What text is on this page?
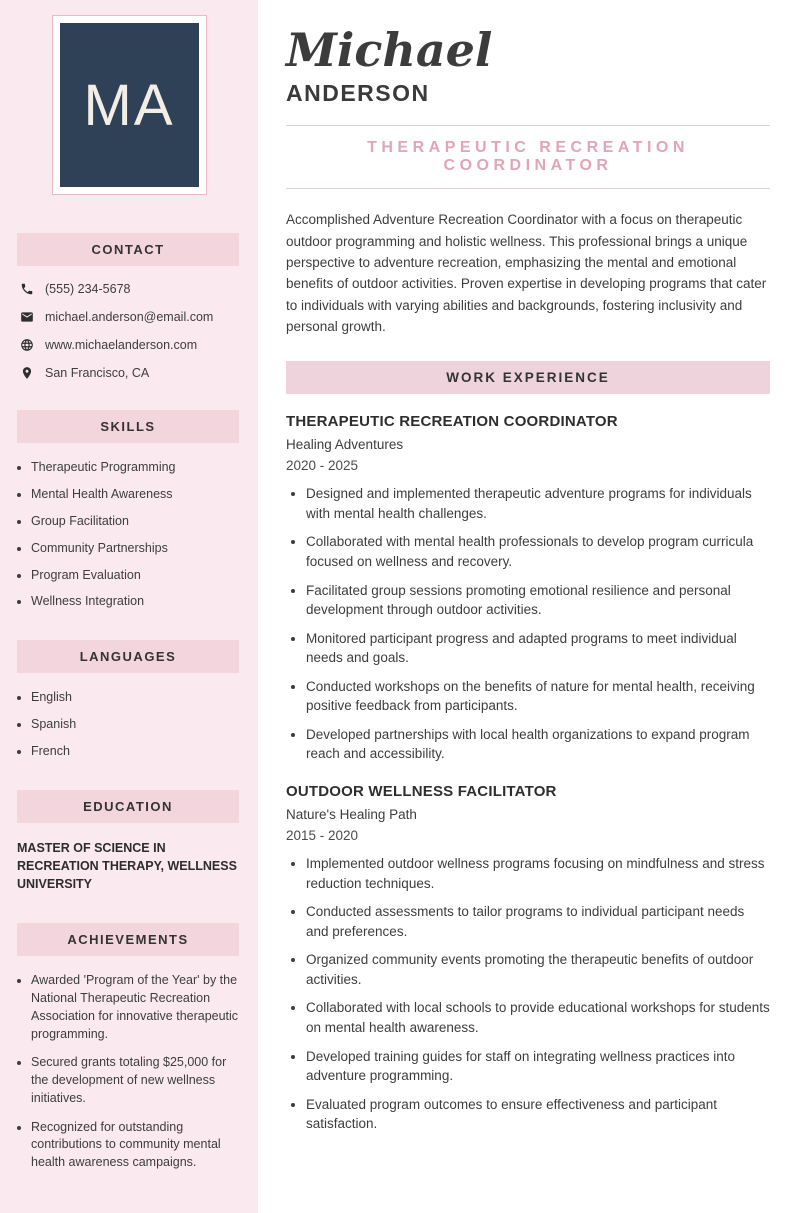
MA
CONTACT
(555) 234-5678
michael.anderson@email.com
www.michaelanderson.com
San Francisco, CA
SKILLS
• Therapeutic Programming
• Mental Health Awareness
• Group Facilitation
• Community Partnerships
• Program Evaluation
• Wellness Integration
LANGUAGES
• English
• Spanish
• French
EDUCATION
MASTER OF SCIENCE IN RECREATION THERAPY, WELLNESS UNIVERSITY
ACHIEVEMENTS
• Awarded 'Program of the Year' by the National Therapeutic Recreation Association for innovative therapeutic programming.
• Secured grants totaling $25,000 for the development of new wellness initiatives.
• Recognized for outstanding contributions to community mental health awareness campaigns.
Michael
ANDERSON
THERAPEUTIC RECREATION COORDINATOR

Accomplished Adventure Recreation Coordinator with a focus on therapeutic outdoor programming and holistic wellness. This professional brings a unique perspective to adventure recreation, emphasizing the mental and emotional benefits of outdoor activities. Proven expertise in developing programs that cater to individuals with varying abilities and backgrounds, fostering inclusivity and personal growth.

WORK EXPERIENCE
THERAPEUTIC RECREATION COORDINATOR
Healing Adventures
2020 - 2025
• Designed and implemented therapeutic adventure programs for individuals with mental health challenges.
• Collaborated with mental health professionals to develop program curricula focused on wellness and recovery.
• Facilitated group sessions promoting emotional resilience and personal development through outdoor activities.
• Monitored participant progress and adapted programs to meet individual needs and goals.
• Conducted workshops on the benefits of nature for mental health, receiving positive feedback from participants.
• Developed partnerships with local health organizations to expand program reach and accessibility.
OUTDOOR WELLNESS FACILITATOR
Nature's Healing Path
2015 - 2020
• Implemented outdoor wellness programs focusing on mindfulness and stress reduction techniques.
• Conducted assessments to tailor programs to individual participant needs and preferences.
• Organized community events promoting the therapeutic benefits of outdoor activities.
• Collaborated with local schools to provide educational workshops for students on mental health awareness.
• Developed training guides for staff on integrating wellness practices into adventure programming.
• Evaluated program outcomes to ensure effectiveness and participant satisfaction.
